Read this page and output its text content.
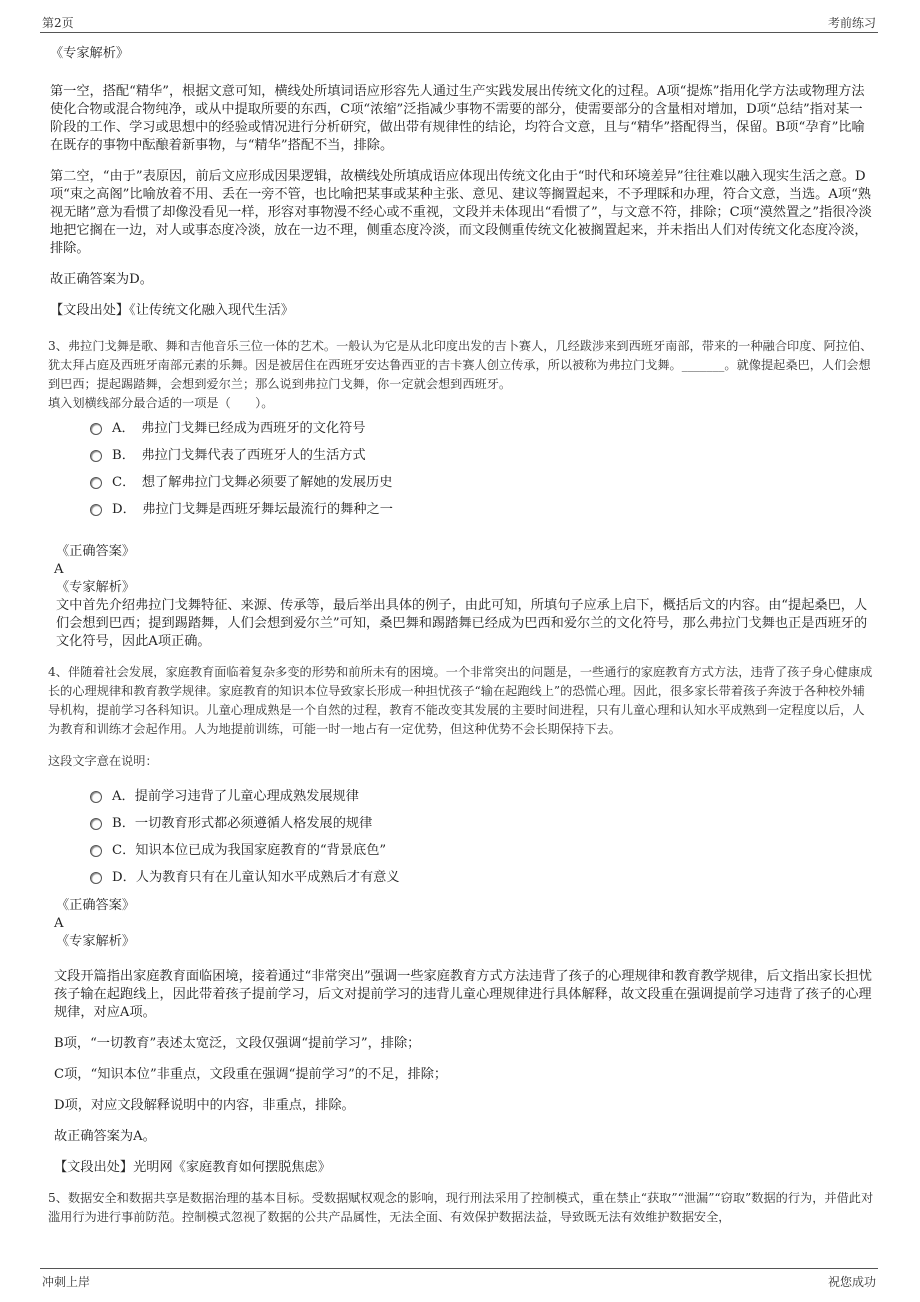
第2页	考前练习

《专家解析》

第一空，搭配“精华”，根据文意可知，横线处所填词语应形容先人通过生产实践发展出传统文化的过程。A项“提炼”指用化学方法或物理方法使化合物或混合物纯净，或从中提取所要的东西，C项“浓缩”泛指减少事物不需要的部分，使需要部分的含量相对增加，D项“总结”指对某一阶段的工作、学习或思想中的经验或情况进行分析研究，做出带有规律性的结论，均符合文意，且与“精华”搭配得当，保留。B项“孕育”比喻在既存的事物中酝酿着新事物，与“精华”搭配不当，排除。

第二空，“由于”表原因，前后文应形成因果逻辑，故横线处所填成语应体现出传统文化由于“时代和环境差异”往往难以融入现实生活之意。D项“束之高阁”比喻放着不用、丢在一旁不管，也比喻把某事或某种主张、意见、建议等搁置起来，不予理睬和办理，符合文意，当选。A项“熟视无睹”意为看惯了却像没看见一样，形容对事物漫不经心或不重视，文段并未体现出“看惯了”，与文意不符，排除；C项“漠然置之”指很冷淡地把它搁在一边，对人或事态度冷淡，放在一边不理，侧重态度冷淡，而文段侧重传统文化被搁置起来，并未指出人们对传统文化态度冷淡，排除。

故正确答案为D。

【文段出处】《让传统文化融入现代生活》

3、弗拉门戈舞是歌、舞和吉他音乐三位一体的艺术。一般认为它是从北印度出发的吉卜赛人，几经跋涉来到西班牙南部，带来的一种融合印度、阿拉伯、犹太拜占庭及西班牙南部元素的乐舞。因是被居住在西班牙安达鲁西亚的吉卡赛人创立传承，所以被称为弗拉门戈舞。_______。就像提起桑巴，人们会想到巴西；提起踢踏舞，会想到爱尔兰；那么说到弗拉门戈舞，你一定就会想到西班牙。

填入划横线部分最合适的一项是（　　）。

A．　弗拉门戈舞已经成为西班牙的文化符号
B．　弗拉门戈舞代表了西班牙人的生活方式
C．　想了解弗拉门戈舞必须要了解她的发展历史
D．　弗拉门戈舞是西班牙舞坛最流行的舞种之一

《正确答案》

A

《专家解析》

文中首先介绍弗拉门戈舞特征、来源、传承等，最后举出具体的例子，由此可知，所填句子应承上启下，概括后文的内容。由“提起桑巴，人们会想到巴西；提到踢踏舞，人们会想到爱尔兰”可知，桑巴舞和踢踏舞已经成为巴西和爱尔兰的文化符号，那么弗拉门戈舞也正是西班牙的文化符号，因此A项正确。

4、伴随着社会发展，家庭教育面临着复杂多变的形势和前所未有的困境。一个非常突出的问题是，一些通行的家庭教育方式方法，违背了孩子身心健康成长的心理规律和教育教学规律。家庭教育的知识本位导致家长形成一种担忧孩子“输在起跑线上”的恐慌心理。因此，很多家长带着孩子奔波于各种校外辅导机构，提前学习各科知识。儿童心理成熟是一个自然的过程，教育不能改变其发展的主要时间进程，只有儿童心理和认知水平成熟到一定程度以后，人为教育和训练才会起作用。人为地提前训练，可能一时一地占有一定优势，但这种优势不会长期保持下去。

这段文字意在说明：

A．提前学习违背了儿童心理成熟发展规律
B．一切教育形式都必须遵循人格发展的规律
C．知识本位已成为我国家庭教育的“背景底色”
D．人为教育只有在儿童认知水平成熟后才有意义

《正确答案》

A

《专家解析》

文段开篇指出家庭教育面临困境，接着通过“非常突出”强调一些家庭教育方式方法违背了孩子的心理规律和教育教学规律，后文指出家长担忧孩子输在起跑线上，因此带着孩子提前学习，后文对提前学习的违背儿童心理规律进行具体解释，故文段重在强调提前学习违背了孩子的心理规律，对应A项。

B项，“一切教育”表述太宽泛，文段仅强调“提前学习”，排除；

C项，“知识本位”非重点，文段重在强调“提前学习”的不足，排除；

D项，对应文段解释说明中的内容，非重点，排除。

故正确答案为A。

【文段出处】光明网《家庭教育如何摆脱焦虑》

5、数据安全和数据共享是数据治理的基本目标。受数据赋权观念的影响，现行刑法采用了控制模式，重在禁止“获取”“泄漏”“窃取”数据的行为，并借此对滥用行为进行事前防范。控制模式忽视了数据的公共产品属性，无法全面、有效保护数据法益，导致既无法有效维护数据安全，

冲刺上岸	祝您成功
